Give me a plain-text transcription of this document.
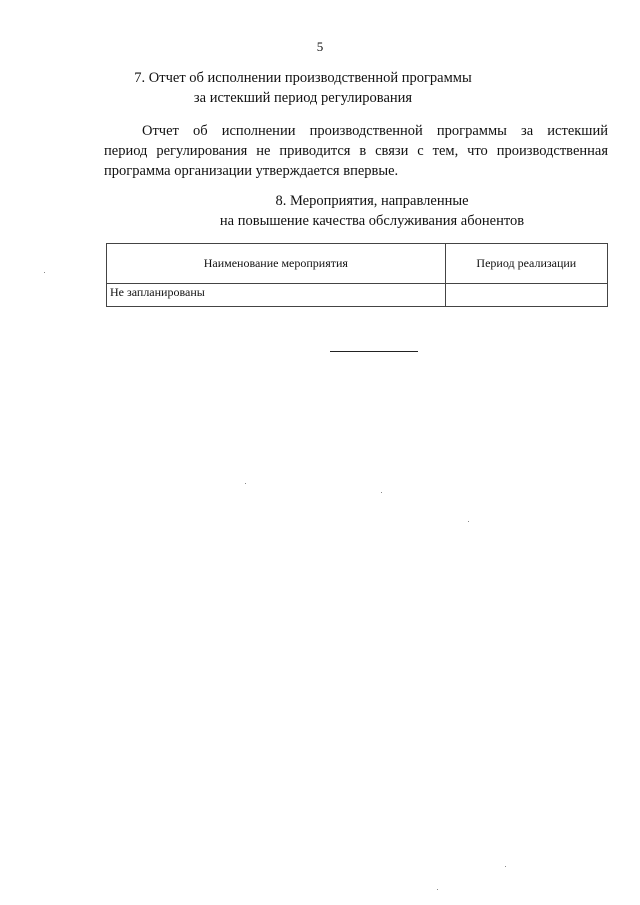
5
7. Отчет об исполнении производственной программы
за истекший период регулирования
Отчет об исполнении производственной программы за истекший
период регулирования не приводится в связи с тем, что производственная
программа организации утверждается впервые.
8. Мероприятия, направленные
на повышение качества обслуживания абонентов
Наименование мероприятия	Период реализации
Не запланированы	
